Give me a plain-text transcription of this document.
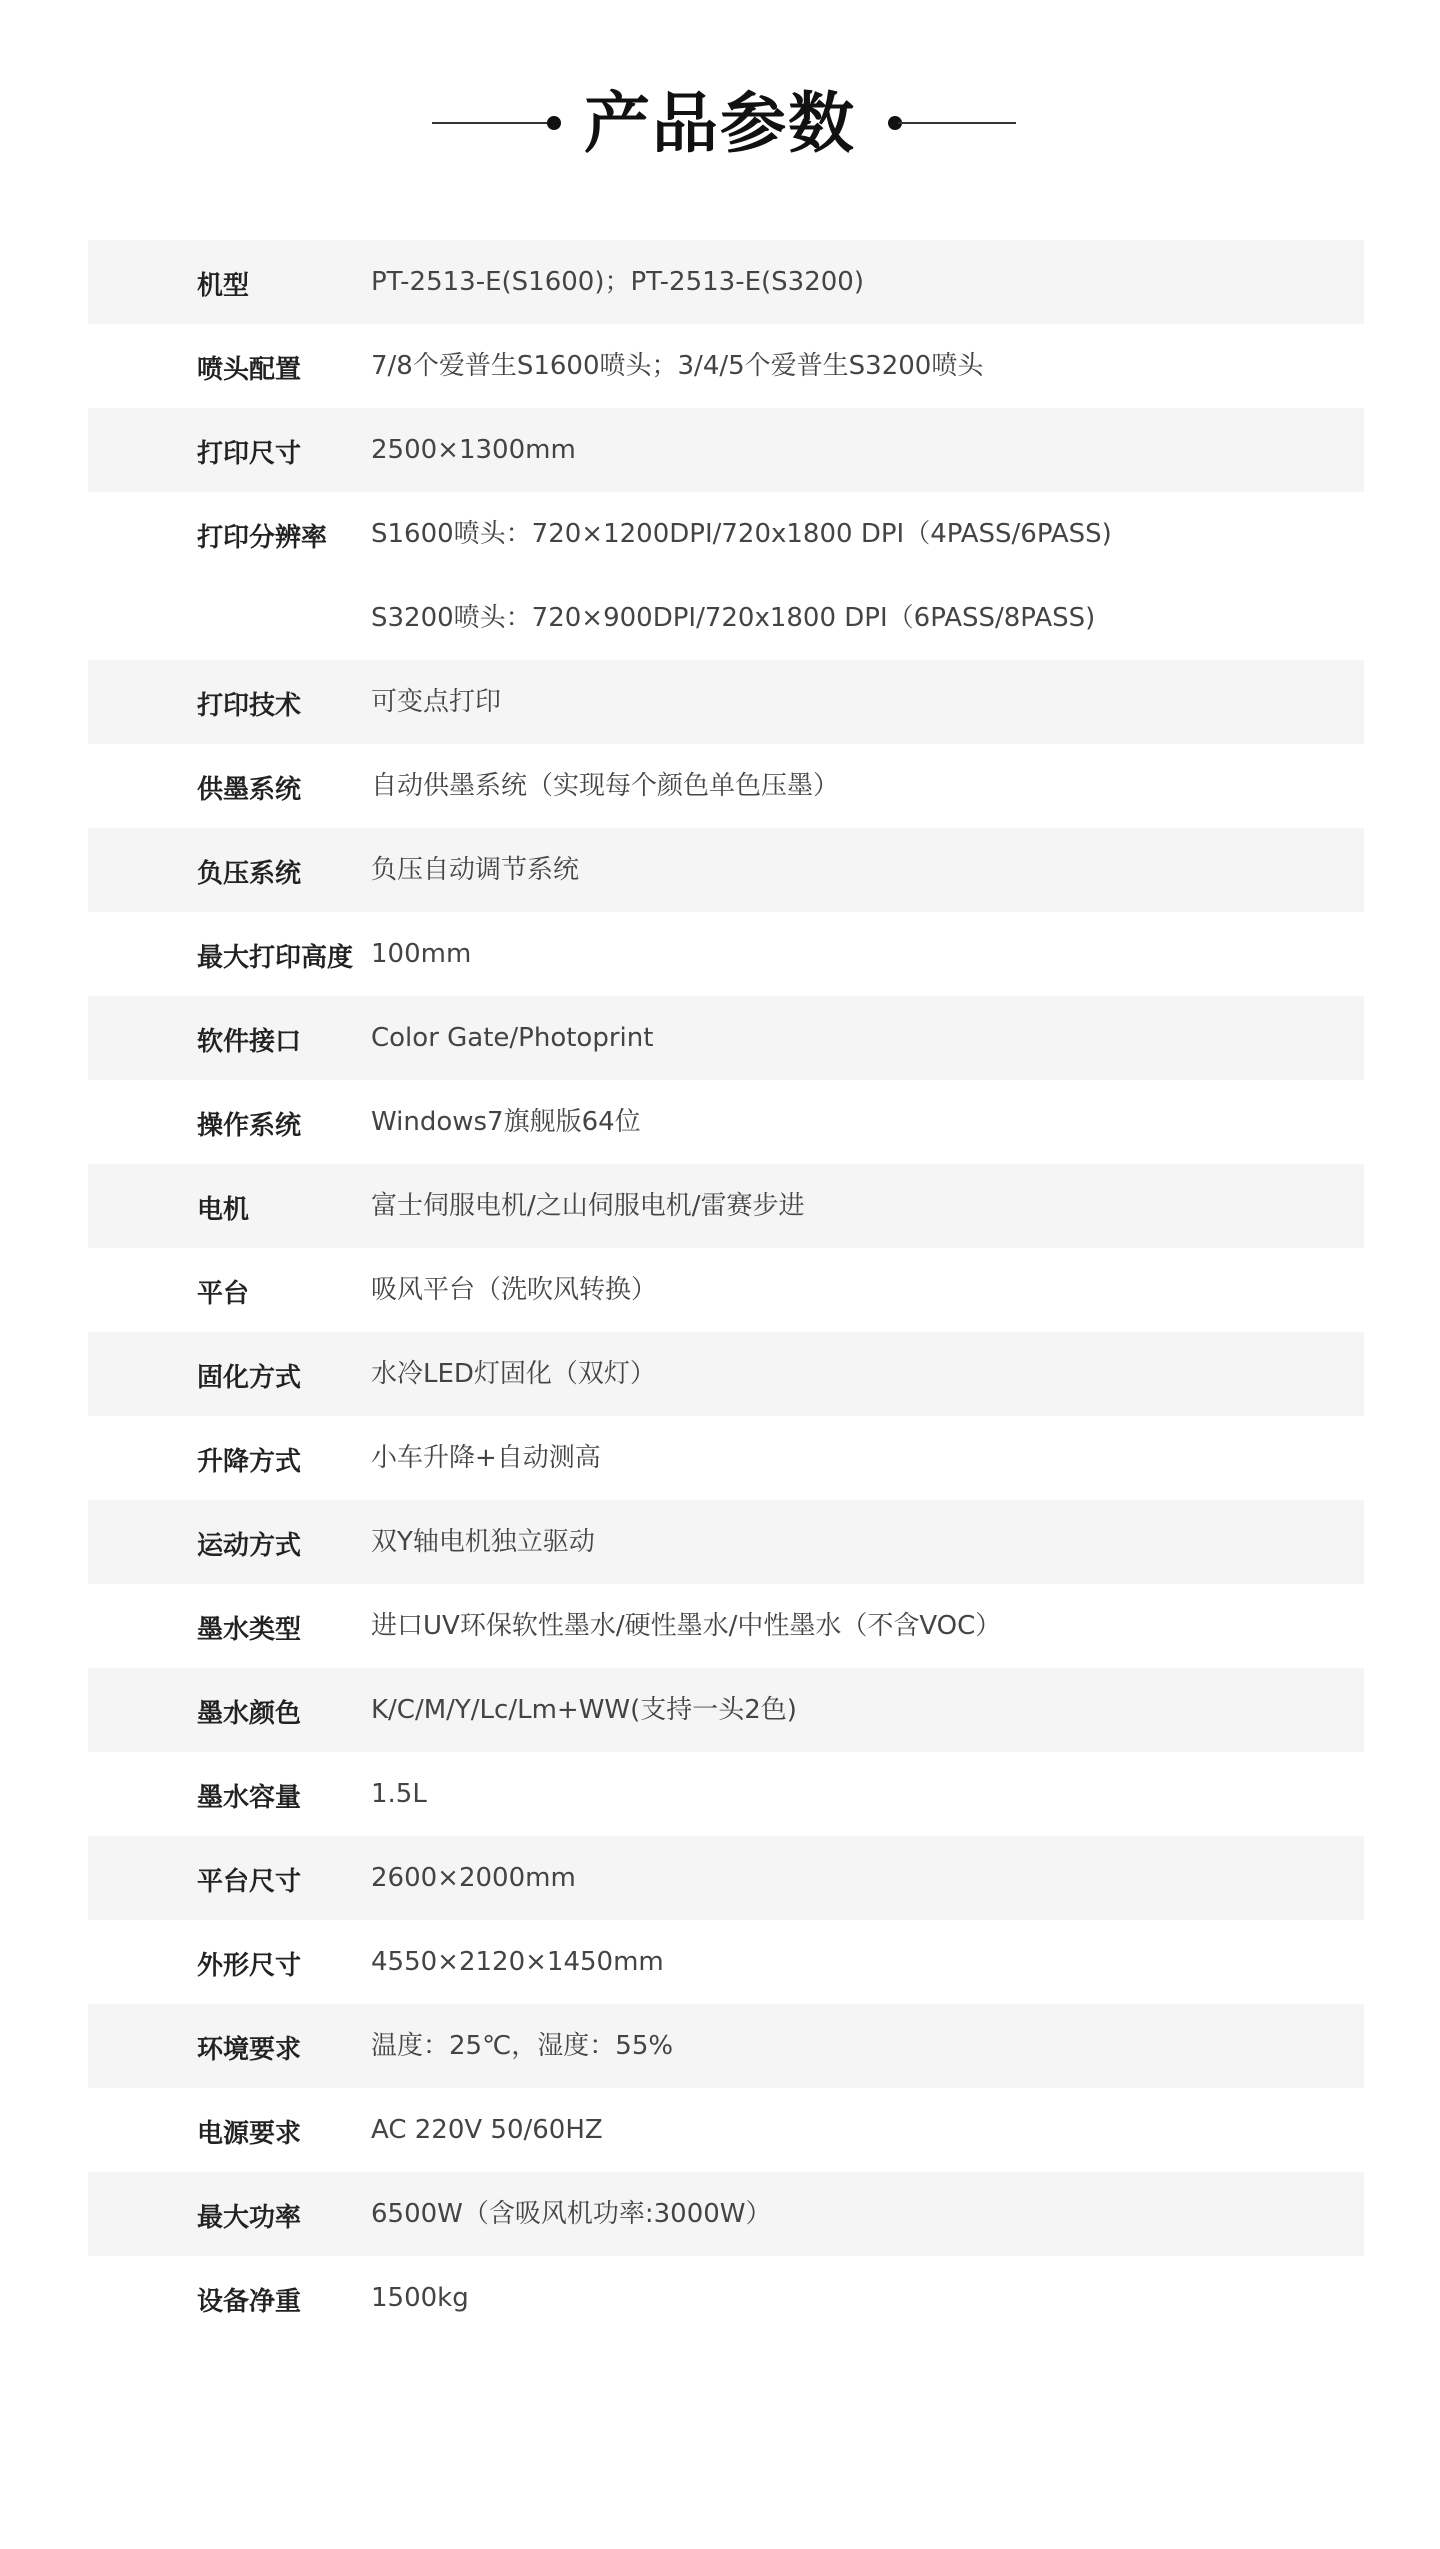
产品参数
机型	PT-2513-E(S1600)；PT-2513-E(S3200)
喷头配置	7/8个爱普生S1600喷头；3/4/5个爱普生S3200喷头
打印尺寸	2500×1300mm
打印分辨率	S1600喷头：720×1200DPI/720x1800 DPI（4PASS/6PASS)
S3200喷头：720×900DPI/720x1800 DPI（6PASS/8PASS)
打印技术	可变点打印
供墨系统	自动供墨系统（实现每个颜色单色压墨）
负压系统	负压自动调节系统
最大打印高度 100mm
软件接口	Color Gate/Photoprint
操作系统	Windows7旗舰版64位
电机	富士伺服电机/之山伺服电机/雷赛步进
平台	吸风平台（洗吹风转换）
固化方式	水冷LED灯固化（双灯）
升降方式	小车升降+自动测高
运动方式	双Y轴电机独立驱动
墨水类型	进口UV环保软性墨水/硬性墨水/中性墨水（不含VOC）
墨水颜色	K/C/M/Y/Lc/Lm+WW(支持一头2色)
墨水容量	1.5L
平台尺寸	2600×2000mm
外形尺寸	4550×2120×1450mm
环境要求	温度：25℃，湿度：55%
电源要求	AC 220V 50/60HZ
最大功率	6500W（含吸风机功率:3000W）
设备净重	1500kg
